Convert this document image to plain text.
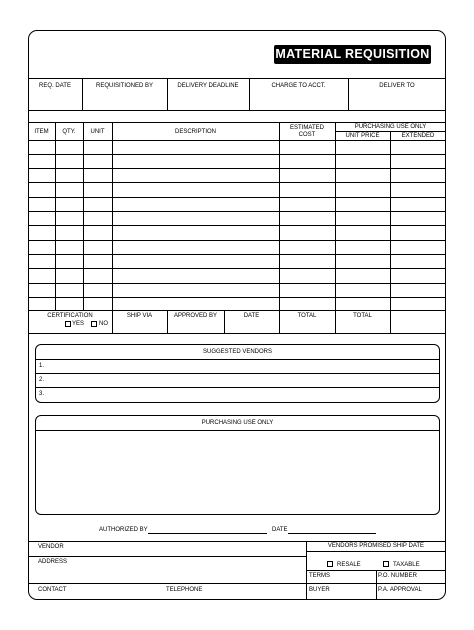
MATERIAL REQUISITION
REQ. DATE	REQUISITIONED BY	DELIVERY DEADLINE	CHARGE TO ACCT.	DELIVER TO
ITEM	QTY.	UNIT	DESCRIPTION
ESTIMATED
COST
PURCHASING USE ONLY
UNIT PRICE	EXTENDED
CERTIFICATION
YES NO
SHIP VIA	APPROVED BY	DATE	TOTAL	TOTAL
SUGGESTED VENDORS
1.
2.
3.
PURCHASING USE ONLY
AUTHORIZED BY	DATE
VENDOR	VENDORS PROMISED SHIP DATE
ADDRESS	RESALE	TAXABLE
TERMS	P.O. NUMBER
CONTACT	TELEPHONE	BUYER	P.A. APPROVAL
